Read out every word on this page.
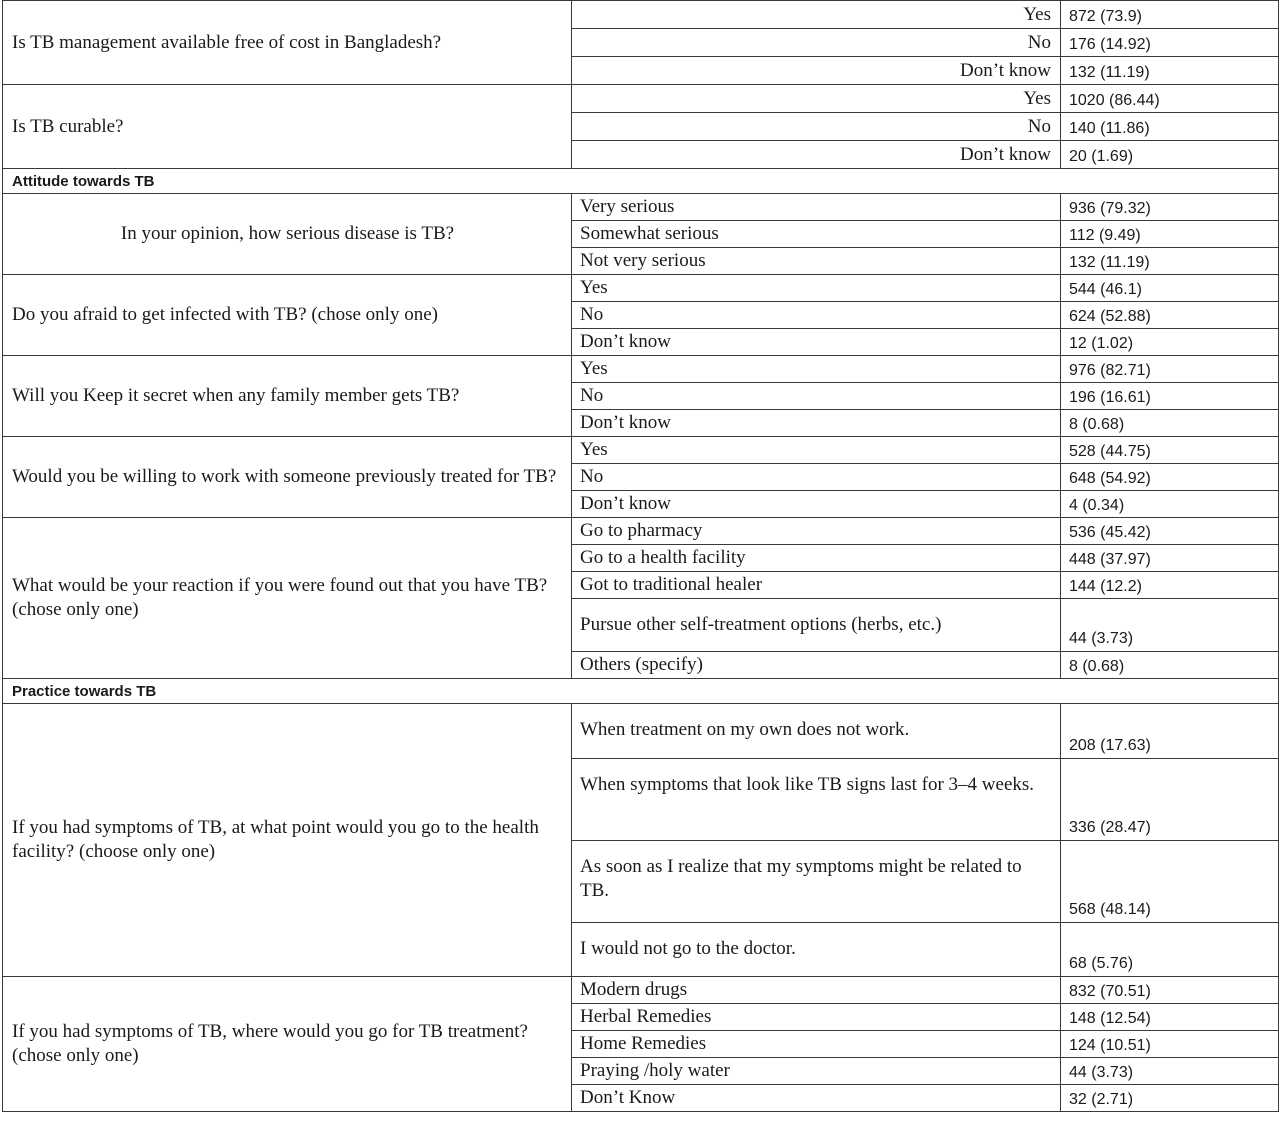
Is TB management available free of cost in Bangladesh?	Yes	872 (73.9)
	No	176 (14.92)
	Don’t know	132 (11.19)
Is TB curable?	Yes	1020 (86.44)
	No	140 (11.86)
	Don’t know	20 (1.69)
Attitude towards TB		
In your opinion, how serious disease is TB?	Very serious	936 (79.32)
	Somewhat serious	112 (9.49)
	Not very serious	132 (11.19)
Do you afraid to get infected with TB? (chose only one)	Yes	544 (46.1)
	No	624 (52.88)
	Don’t know	12 (1.02)
Will you Keep it secret when any family member gets TB?	Yes	976 (82.71)
	No	196 (16.61)
	Don’t know	8 (0.68)
Would you be willing to work with someone previously treated for TB?	Yes	528 (44.75)
	No	648 (54.92)
	Don’t know	4 (0.34)
What would be your reaction if you were found out that you have TB? (chose only one)	Go to pharmacy	536 (45.42)
	Go to a health facility	448 (37.97)
	Got to traditional healer	144 (12.2)
	Pursue other self-treatment options (herbs, etc.)	44 (3.73)
	Others (specify)	8 (0.68)
Practice towards TB		
If you had symptoms of TB, at what point would you go to the health facility? (choose only one)	When treatment on my own does not work.	208 (17.63)
	When symptoms that look like TB signs last for 3–4 weeks.	336 (28.47)
	As soon as I realize that my symptoms might be related to TB.	568 (48.14)
	I would not go to the doctor.	68 (5.76)
If you had symptoms of TB, where would you go for TB treatment? (chose only one)	Modern drugs	832 (70.51)
	Herbal Remedies	148 (12.54)
	Home Remedies	124 (10.51)
	Praying /holy water	44 (3.73)
	Don’t Know	32 (2.71)
